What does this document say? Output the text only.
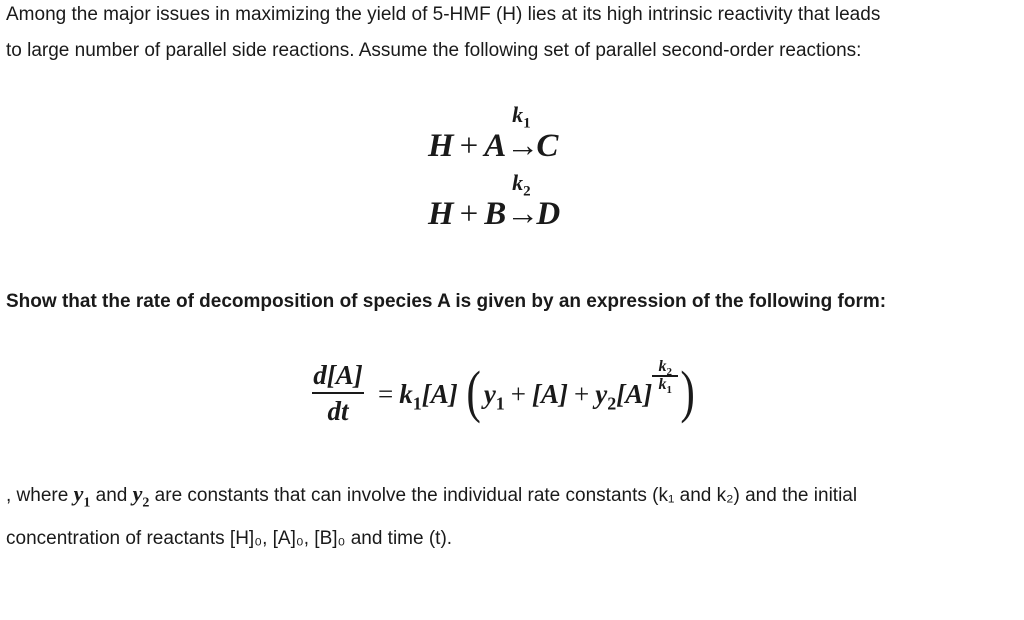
Among the major issues in maximizing the yield of 5-HMF (H) lies at its high intrinsic reactivity that leads
to large number of parallel side reactions. Assume the following set of parallel second-order reactions:

H + A
$k_1$
→C
H + B
$k_2$
→D

Show that the rate of decomposition of species A is given by an expression of the following form:

d[A]
dt
= $k_1[A] (y_1 + [A] + y_2[A]$
$\frac{k_2}{k_1}$ )

, where $y_1$ and $y_2$ are constants that can involve the individual rate constants (k₁ and k₂) and the initial
concentration of reactants [H]₀, [A]₀, [B]₀ and time (t).
